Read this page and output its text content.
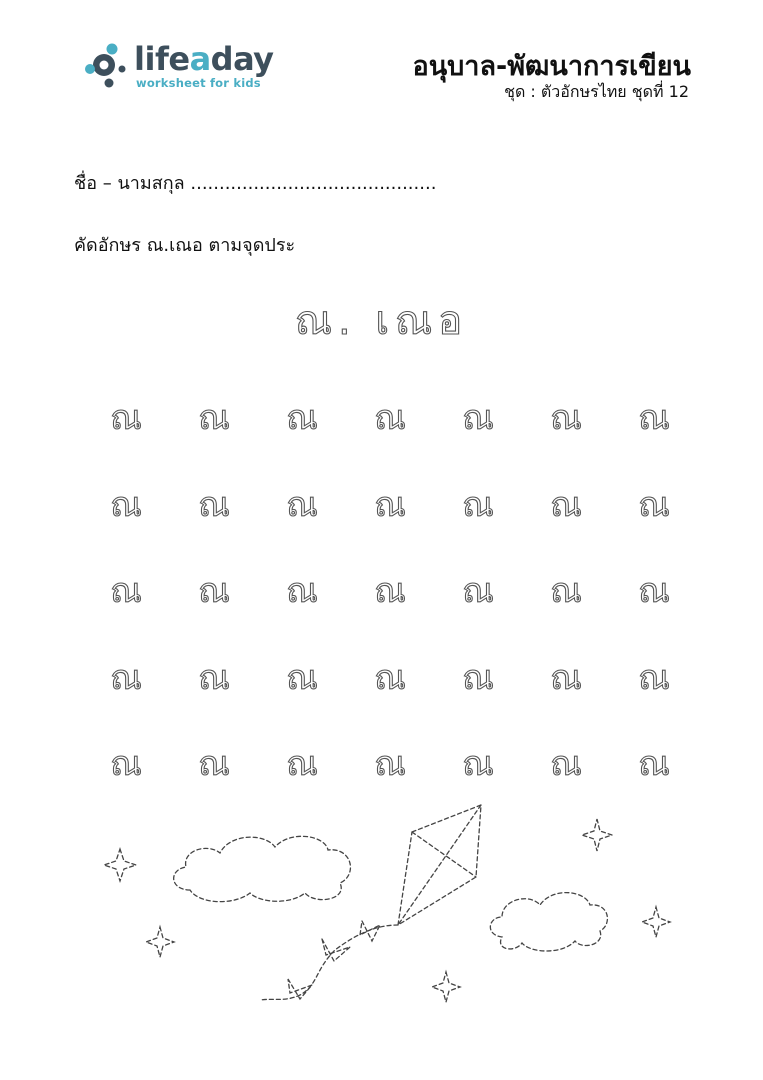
lifeaday
worksheet for kids
อนุบาล-พัฒนาการเขียน
ชุด : ตัวอักษรไทย ชุดที่ 12
ชื่อ – นามสกุล ...........................................
คัดอักษร ณ.เณอ ตามจุดประ
ณ. เณอ
ณ	ณ	ณ	ณ	ณ	ณ	ณ
ณ	ณ	ณ	ณ	ณ	ณ	ณ
ณ	ณ	ณ	ณ	ณ	ณ	ณ
ณ	ณ	ณ	ณ	ณ	ณ	ณ
ณ	ณ	ณ	ณ	ณ	ณ	ณ
